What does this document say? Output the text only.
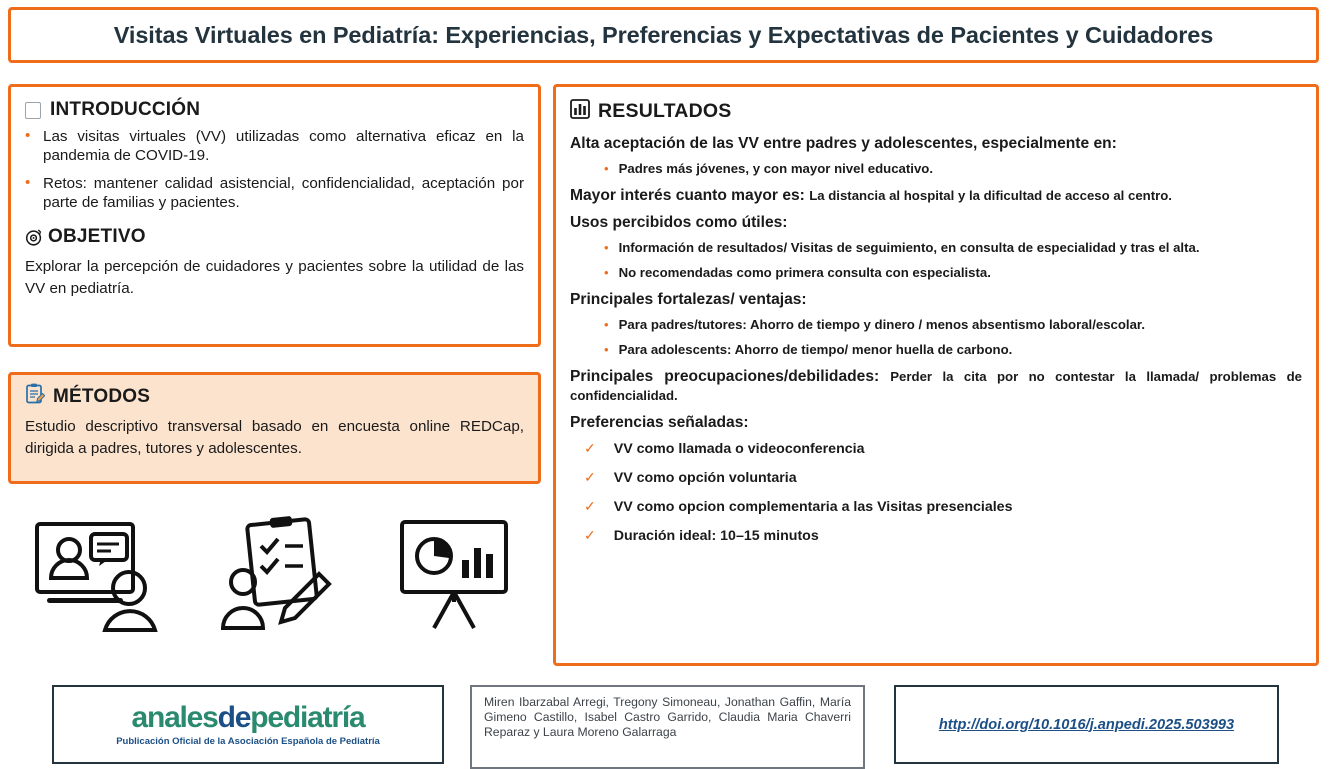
Visitas Virtuales en Pediatría: Experiencias, Preferencias y Expectativas de Pacientes y Cuidadores
INTRODUCCIÓN
• Las visitas virtuales (VV) utilizadas como alternativa eficaz en la pandemia de COVID-19.
• Retos: mantener calidad asistencial, confidencialidad, aceptación por parte de familias y pacientes.
OBJETIVO

Explorar la percepción de cuidadores y pacientes sobre la utilidad de las VV en pediatría.

MÉTODOS

Estudio descriptivo transversal basado en encuesta online REDCap, dirigida a padres, tutores y adolescentes.

RESULTADOS

Alta aceptación de las VV entre padres y adolescentes, especialmente en:

• Padres más jóvenes, y con mayor nivel educativo.

Mayor interés cuanto mayor es: La distancia al hospital y la dificultad de acceso al centro.

Usos percibidos como útiles:

• Información de resultados/ Visitas de seguimiento, en consulta de especialidad y tras el alta.
• No recomendadas como primera consulta con especialista.

Principales fortalezas/ ventajas:

• Para padres/tutores: Ahorro de tiempo y dinero / menos absentismo laboral/escolar.
• Para adolescents: Ahorro de tiempo/ menor huella de carbono.

Principales preocupaciones/debilidades: Perder la cita por no contestar la llamada/ problemas de confidencialidad.

Preferencias señaladas:

✓ VV como llamada o videoconferencia
✓ VV como opción voluntaria
✓ VV como opcion complementaria a las Visitas presenciales
✓ Duración ideal: 10–15 minutos
analesdepediatría
Publicación Oficial de la Asociación Española de Pediatría

Miren Ibarzabal Arregi, Tregony Simoneau, Jonathan Gaffin, María Gimeno Castillo, Isabel Castro Garrido, Claudia Maria Chaverri Reparaz y Laura Moreno Galarraga	http://doi.org/10.1016/j.anpedi.2025.503993
